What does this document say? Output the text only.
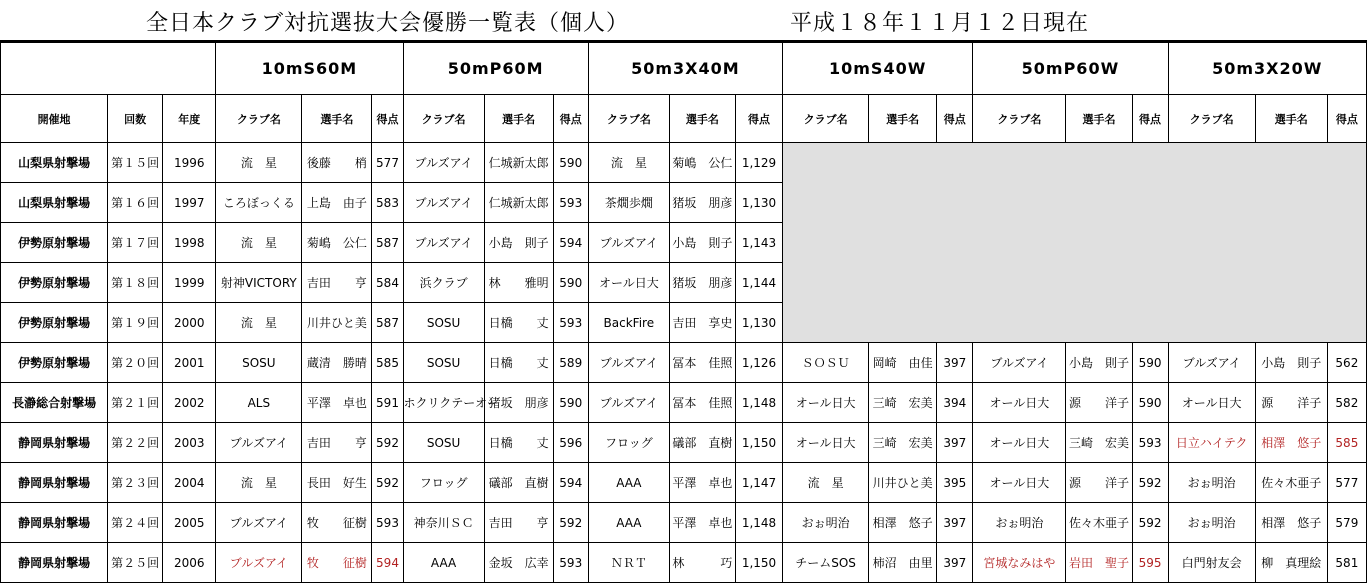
全日本クラブ対抗選抜大会優勝一覧表（個人）	平成１８年１１月１２日現在
			10mS60M			50mP60M			50m3X40M			10mS40W			50mP60W			50m3X20W		
開催地	回数	年度	クラブ名	選手名	得点	クラブ名	選手名	得点	クラブ名	選手名	得点	クラブ名	選手名	得点	クラブ名	選手名	得点	クラブ名	選手名	得点
山梨県射撃場	第１５回	1996	流　星	後藤　　梢	577	ブルズアイ	仁城新太郎	590	流　星	菊嶋　公仁	1,129									
山梨県射撃場	第１６回	1997	ころぼっくる	上島　由子	583	ブルズアイ	仁城新太郎	593	茶燗歩燗	猪坂　朋彦	1,130									
伊勢原射撃場	第１７回	1998	流　星	菊嶋　公仁	587	ブルズアイ	小島　則子	594	ブルズアイ	小島　則子	1,143									
伊勢原射撃場	第１８回	1999	射神VICTORY	吉田　　亨	584	浜クラブ	林　　雅明	590	オール日大	猪坂　朋彦	1,144									
伊勢原射撃場	第１９回	2000	流　星	川井ひと美	587	SOSU	日橋　　丈	593	BackFire	吉田　享史	1,130									
伊勢原射撃場	第２０回	2001	SOSU	蔵清　勝晴	585	SOSU	日橋　　丈	589	ブルズアイ	冨本　佳照	1,126	ＳＯＳＵ	岡崎　由佳	397	ブルズアイ	小島　則子	590	ブルズアイ	小島　則子	562
長瀞総合射撃場	第２１回	2002	ALS	平澤　卓也	591	ホクリクテーオー	猪坂　朋彦	590	ブルズアイ	冨本　佳照	1,148	オール日大	三崎　宏美	394	オール日大	源　　洋子	590	オール日大	源　　洋子	582
静岡県射撃場	第２２回	2003	ブルズアイ	吉田　　亨	592	SOSU	日橋　　丈	596	フロッグ	礒部　直樹	1,150	オール日大	三崎　宏美	397	オール日大	三崎　宏美	593	日立ハイテク	相澤　悠子	585
静岡県射撃場	第２３回	2004	流　星	長田　好生	592	フロッグ	礒部　直樹	594	AAA	平澤　卓也	1,147	流　星	川井ひと美	395	オール日大	源　　洋子	592	おぉ明治	佐々木亜子	577
静岡県射撃場	第２４回	2005	ブルズアイ	牧　　征樹	593	神奈川ＳＣ	吉田　　亨	592	AAA	平澤　卓也	1,148	おぉ明治	相澤　悠子	397	おぉ明治	佐々木亜子	592	おぉ明治	相澤　悠子	579
静岡県射撃場	第２５回	2006	ブルズアイ	牧　　征樹	594	AAA	金坂　広幸	593	ＮＲＴ	林　　　巧	1,150	チームSOS	柿沼　由里	397	宮城なみはや	岩田　聖子	595	白門射友会	柳　真理絵	581
